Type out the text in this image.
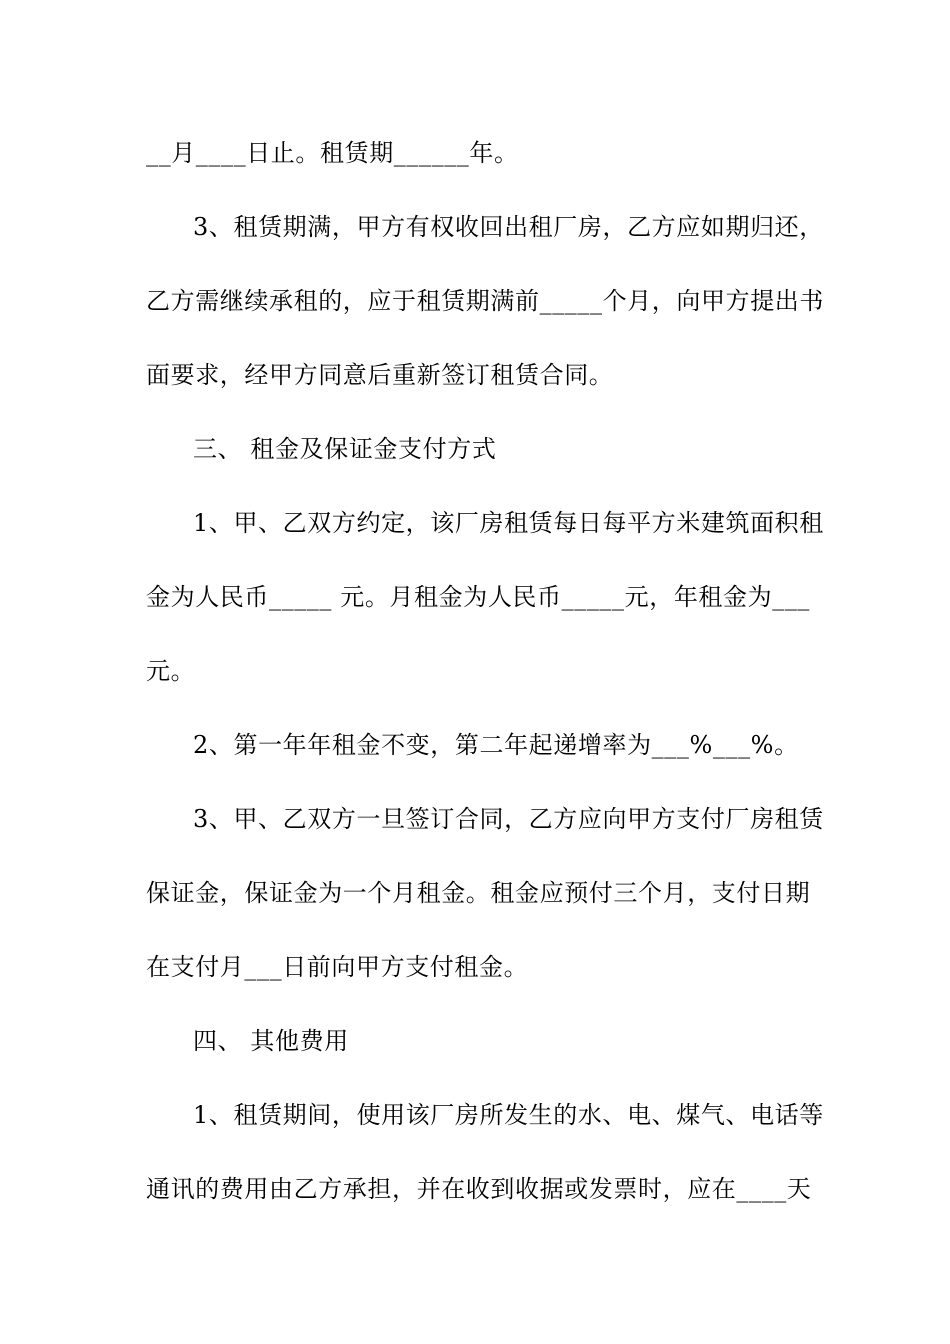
__月____日止。租赁期______年。
3、租赁期满，甲方有权收回出租厂房，乙方应如期归还，
乙方需继续承租的，应于租赁期满前_____个月，向甲方提出书
面要求，经甲方同意后重新签订租赁合同。
三、 租金及保证金支付方式
1、甲、乙双方约定，该厂房租赁每日每平方米建筑面积租
金为人民币_____ 元。月租金为人民币_____元，年租金为___
元。
2、第一年年租金不变，第二年起递增率为___%___%。
3、甲、乙双方一旦签订合同，乙方应向甲方支付厂房租赁
保证金，保证金为一个月租金。租金应预付三个月，支付日期
在支付月___日前向甲方支付租金。
四、 其他费用
1、租赁期间，使用该厂房所发生的水、电、煤气、电话等
通讯的费用由乙方承担，并在收到收据或发票时，应在____天
